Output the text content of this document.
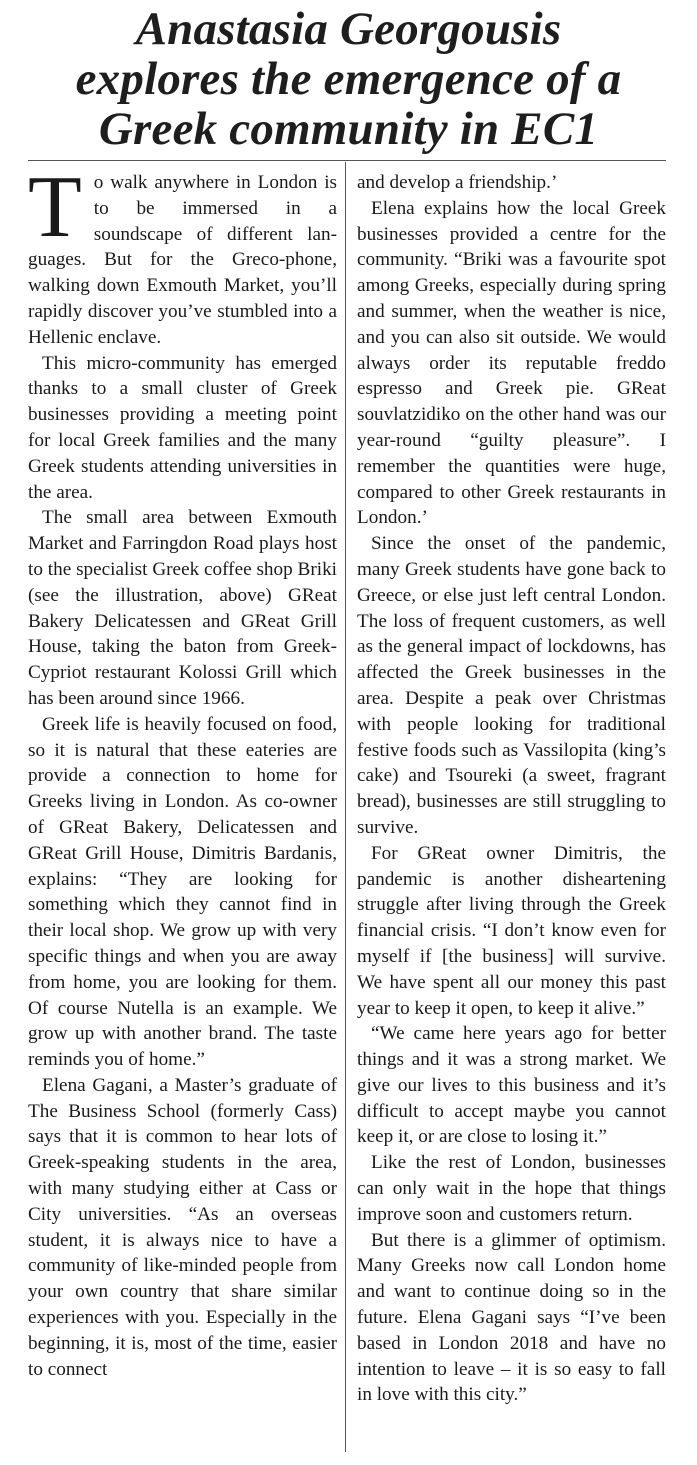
Anastasia Georgousis
explores the emergence of a
Greek community in EC1

To walk anywhere in London is to be immersed in a soundscape of different languages. But for the Greco-phone, walking down Exmouth Market, you’ll rapidly discover you’ve stumbled into a Hellenic enclave.

This micro-community has emerged thanks to a small cluster of Greek businesses providing a meeting point for local Greek families and the many Greek students attending universities in the area.

The small area between Exmouth Market and Farringdon Road plays host to the specialist Greek coffee shop Briki (see the illustration, above) GReat Bakery Delicatessen and GReat Grill House, taking the baton from Greek-Cypriot restaurant Kolossi Grill which has been around since 1966.

Greek life is heavily focused on food, so it is natural that these eateries are provide a connection to home for Greeks living in London. As co-owner of GReat Bakery, Delicatessen and GReat Grill House, Dimitris Bardanis, explains: “They are looking for something which they cannot find in their local shop. We grow up with very specific things and when you are away from home, you are looking for them. Of course Nutella is an example. We grow up with another brand. The taste reminds you of home.”

Elena Gagani, a Master’s graduate of The Business School (formerly Cass) says that it is common to hear lots of Greek-speaking students in the area, with many studying either at Cass or City universities. “As an overseas student, it is always nice to have a community of like-minded people from your own country that share similar experiences with you. Especially in the beginning, it is, most of the time, easier to connect

and develop a friendship.’

Elena explains how the local Greek businesses provided a centre for the community. “Briki was a favourite spot among Greeks, especially during spring and summer, when the weather is nice, and you can also sit outside. We would always order its reputable freddo espresso and Greek pie. GReat souvlatzidiko on the other hand was our year-round “guilty pleasure”. I remember the quantities were huge, compared to other Greek restaurants in London.’

Since the onset of the pandemic, many Greek students have gone back to Greece, or else just left central London. The loss of frequent customers, as well as the general impact of lockdowns, has affected the Greek businesses in the area. Despite a peak over Christmas with people looking for traditional festive foods such as Vassilopita (king’s cake) and Tsoureki (a sweet, fragrant bread), businesses are still struggling to survive.

For GReat owner Dimitris, the pandemic is another disheartening struggle after living through the Greek financial crisis. “I don’t know even for myself if [the business] will survive. We have spent all our money this past year to keep it open, to keep it alive.”

“We came here years ago for better things and it was a strong market. We give our lives to this business and it’s difficult to accept maybe you cannot keep it, or are close to losing it.”

Like the rest of London, businesses can only wait in the hope that things improve soon and customers return.

But there is a glimmer of optimism. Many Greeks now call London home and want to continue doing so in the future. Elena Gagani says “I’ve been based in London 2018 and have no intention to leave – it is so easy to fall in love with this city.”
